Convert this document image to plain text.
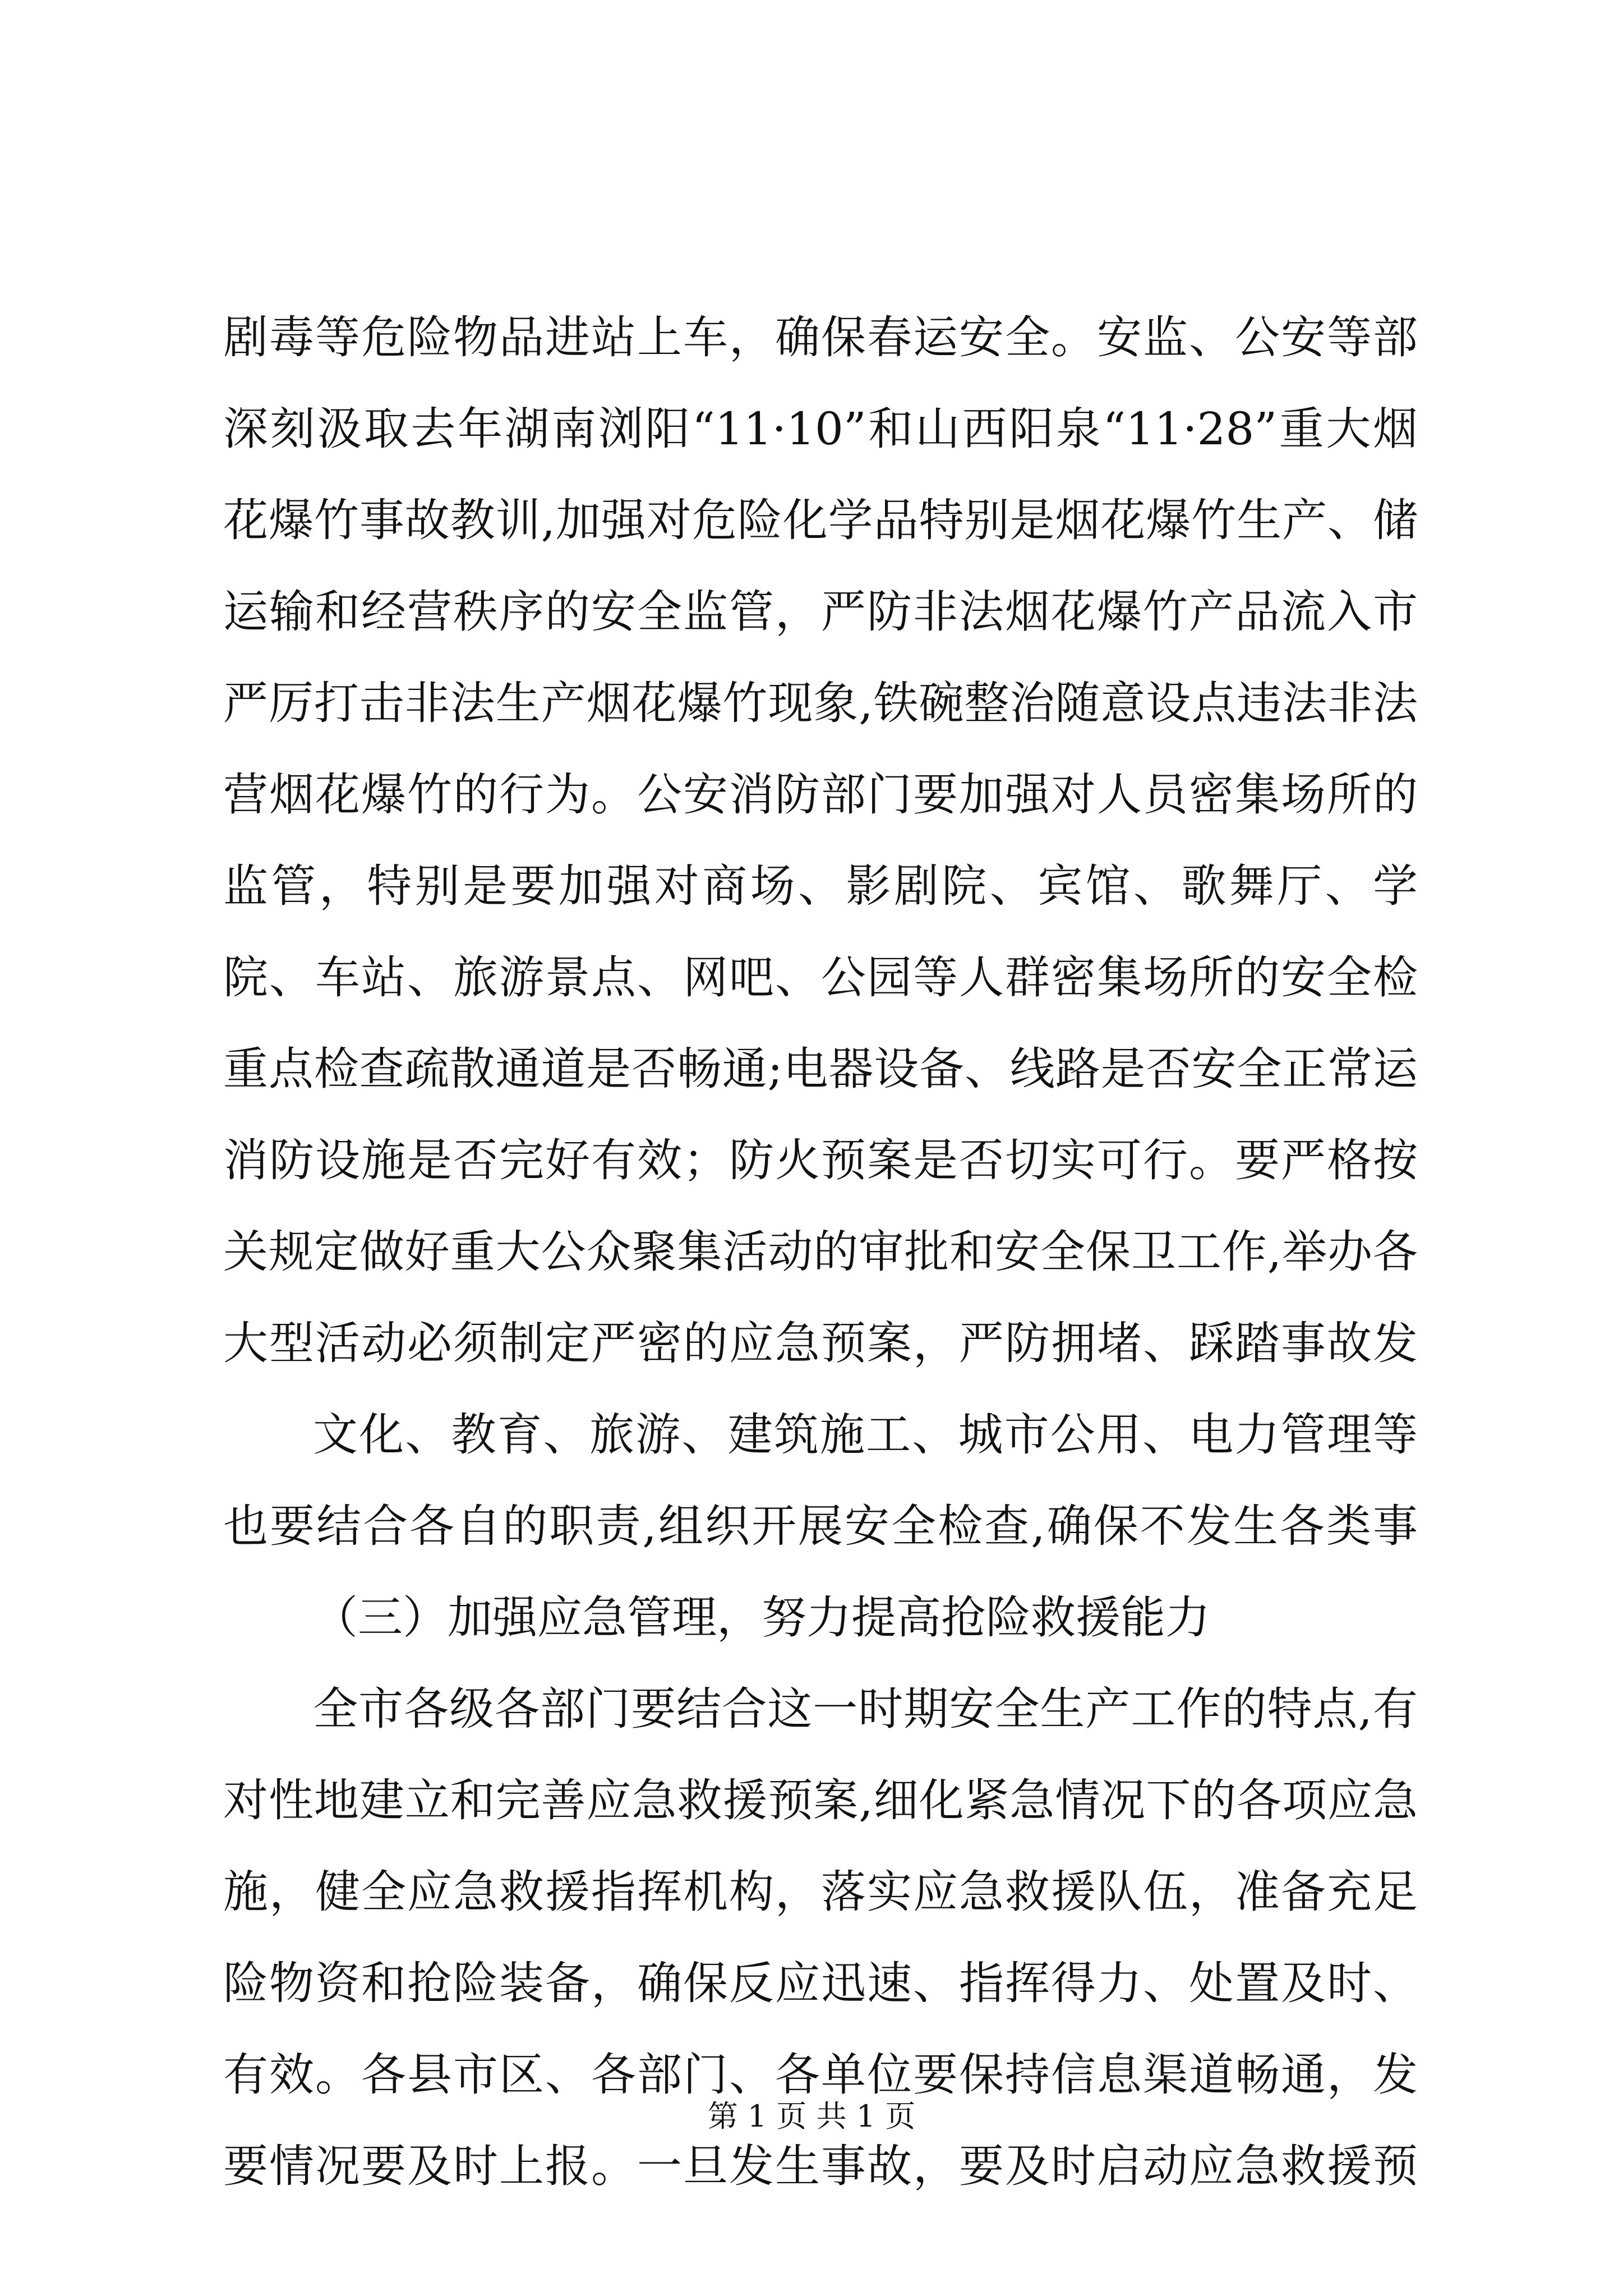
剧毒等危险物品进站上车，确保春运安全。安监、公安等部
深刻汲取去年湖南浏阳“11·10”和山西阳泉“11·28”重大烟
花爆竹事故教训,加强对危险化学品特别是烟花爆竹生产、储
运输和经营秩序的安全监管，严防非法烟花爆竹产品流入市
严厉打击非法生产烟花爆竹现象,铁碗整治随意设点违法非法
营烟花爆竹的行为。公安消防部门要加强对人员密集场所的
监管，特别是要加强对商场、影剧院、宾馆、歌舞厅、学
院、车站、旅游景点、网吧、公园等人群密集场所的安全检
重点检查疏散通道是否畅通;电器设备、线路是否安全正常运
消防设施是否完好有效；防火预案是否切实可行。要严格按
关规定做好重大公众聚集活动的审批和安全保卫工作,举办各
大型活动必须制定严密的应急预案，严防拥堵、踩踏事故发
文化、教育、旅游、建筑施工、城市公用、电力管理等
也要结合各自的职责,组织开展安全检查,确保不发生各类事
（三）加强应急管理，努力提高抢险救援能力
全市各级各部门要结合这一时期安全生产工作的特点,有
对性地建立和完善应急救援预案,细化紧急情况下的各项应急
施，健全应急救援指挥机构，落实应急救援队伍，准备充足
险物资和抢险装备，确保反应迅速、指挥得力、处置及时、
有效。各县市区、各部门、各单位要保持信息渠道畅通，发
要情况要及时上报。一旦发生事故，要及时启动应急救援预
第 1 页 共 1 页
